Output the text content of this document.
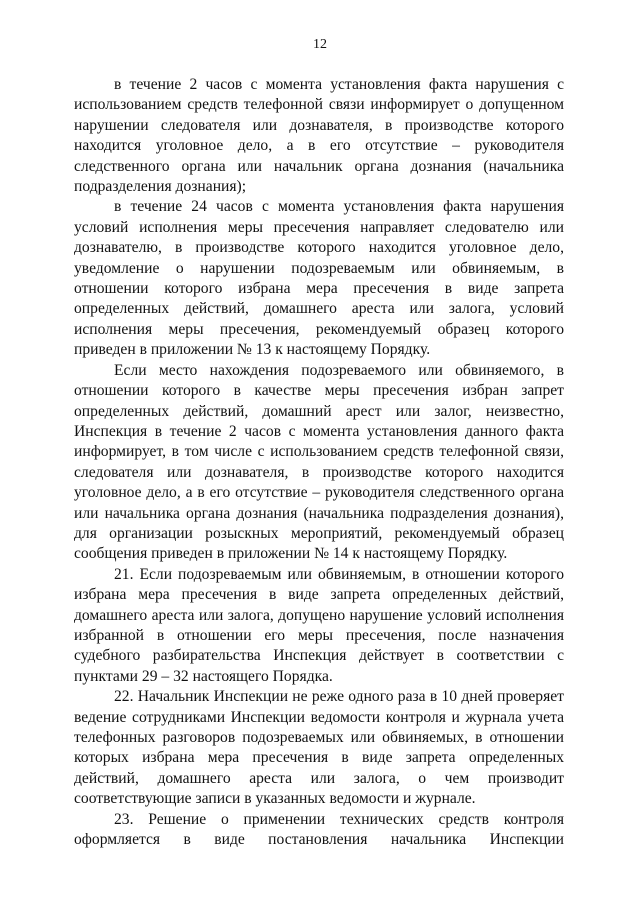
12

в течение 2 часов с момента установления факта нарушения с использованием средств телефонной связи информирует о допущенном нарушении следователя или дознавателя, в производстве которого находится уголовное дело, а в его отсутствие – руководителя следственного органа или начальник органа дознания (начальника подразделения дознания);

в течение 24 часов с момента установления факта нарушения условий исполнения меры пресечения направляет следователю или дознавателю, в производстве которого находится уголовное дело, уведомление о нарушении подозреваемым или обвиняемым, в отношении которого избрана мера пресечения в виде запрета определенных действий, домашнего ареста или залога, условий исполнения меры пресечения, рекомендуемый образец которого приведен в приложении № 13 к настоящему Порядку.

Если место нахождения подозреваемого или обвиняемого, в отношении которого в качестве меры пресечения избран запрет определенных действий, домашний арест или залог, неизвестно, Инспекция в течение 2 часов с момента установления данного факта информирует, в том числе с использованием средств телефонной связи, следователя или дознавателя, в производстве которого находится уголовное дело, а в его отсутствие – руководителя следственного органа или начальника органа дознания (начальника подразделения дознания), для организации розыскных мероприятий, рекомендуемый образец сообщения приведен в приложении № 14 к настоящему Порядку.

21. Если подозреваемым или обвиняемым, в отношении которого избрана мера пресечения в виде запрета определенных действий, домашнего ареста или залога, допущено нарушение условий исполнения избранной в отношении его меры пресечения, после назначения судебного разбирательства Инспекция действует в соответствии с пунктами 29 – 32 настоящего Порядка.

22. Начальник Инспекции не реже одного раза в 10 дней проверяет ведение сотрудниками Инспекции ведомости контроля и журнала учета телефонных разговоров подозреваемых или обвиняемых, в отношении которых избрана мера пресечения в виде запрета определенных действий, домашнего ареста или залога, о чем производит соответствующие записи в указанных ведомости и журнале.

23. Решение о применении технических средств контроля оформляется в виде постановления начальника Инспекции
